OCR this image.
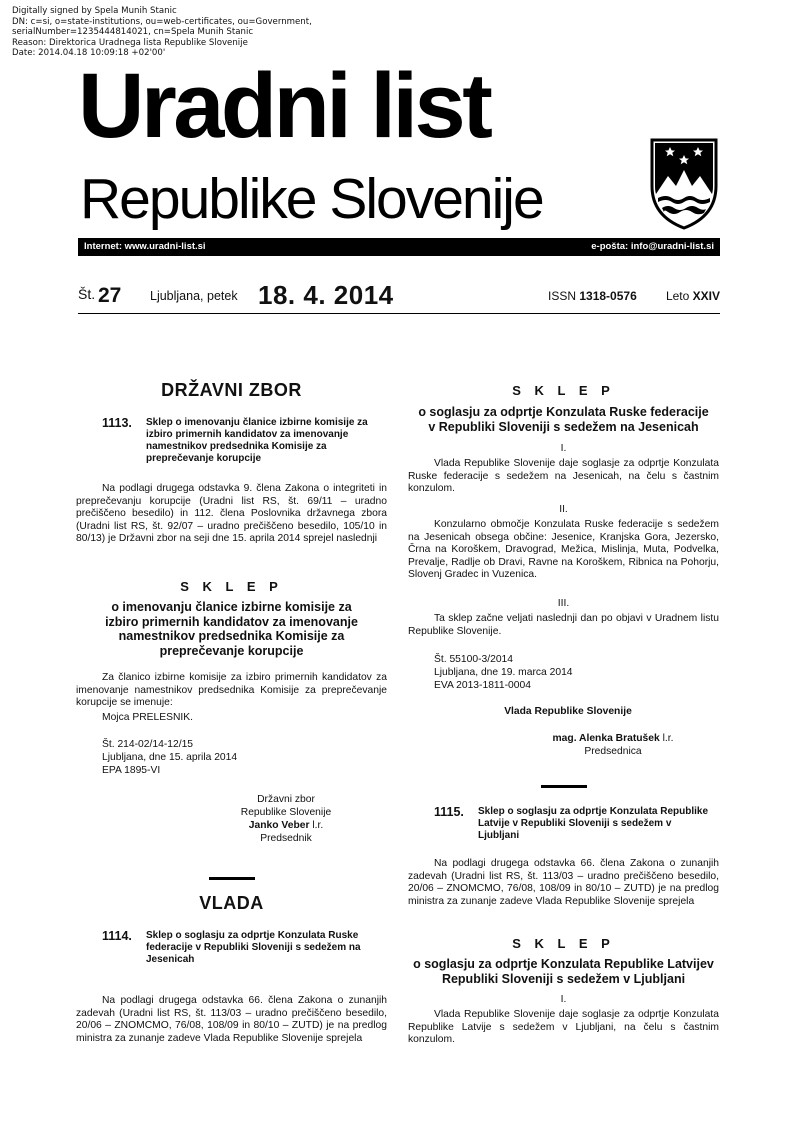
Digitally signed by Spela Munih Stanic
DN: c=si, o=state-institutions, ou=web-certificates, ou=Government,
serialNumber=1235444814021, cn=Spela Munih Stanic
Reason: Direktorica Uradnega lista Republike Slovenije
Date: 2014.04.18 10:09:18 +02'00'
Uradni list
Republike Slovenije
Internet: www.uradni-list.si	e-pošta: info@uradni-list.si
Št. 27 Ljubljana, petek 18. 4. 2014	ISSN 1318-0576 Leto XXIV
DRŽAVNI ZBOR
1113. Sklep o imenovanju članice izbirne komisije za izbiro primernih kandidatov za imenovanje namestnikov predsednika Komisije za preprečevanje korupcije
Na podlagi drugega odstavka 9. člena Zakona o integriteti in preprečevanju korupcije (Uradni list RS, št. 69/11 – uradno prečiščeno besedilo) in 112. člena Poslovnika državnega zbora (Uradni list RS, št. 92/07 – uradno prečiščeno besedilo, 105/10 in 80/13) je Državni zbor na seji dne 15. aprila 2014 sprejel naslednji
S K L E P
o imenovanju članice izbirne komisije za izbiro primernih kandidatov za imenovanje namestnikov predsednika Komisije za preprečevanje korupcije
Za članico izbirne komisije za izbiro primernih kandidatov za imenovanje namestnikov predsednika Komisije za preprečevanje korupcije se imenuje:
Mojca PRELESNIK.
Št. 214-02/14-12/15
Ljubljana, dne 15. aprila 2014
EPA 1895-VI
Državni zbor
Republike Slovenije
Janko Veber l.r.
Predsednik
VLADA
1114. Sklep o soglasju za odprtje Konzulata Ruske federacije v Republiki Sloveniji s sedežem na Jesenicah
Na podlagi drugega odstavka 66. člena Zakona o zunanjih zadevah (Uradni list RS, št. 113/03 – uradno prečiščeno besedilo, 20/06 – ZNOMCMO, 76/08, 108/09 in 80/10 – ZUTD) je na predlog ministra za zunanje zadeve Vlada Republike Slovenije sprejela
S K L E P
o soglasju za odprtje Konzulata Ruske federacije v Republiki Sloveniji s sedežem na Jesenicah
I.
Vlada Republike Slovenije daje soglasje za odprtje Konzulata Ruske federacije s sedežem na Jesenicah, na čelu s častnim konzulom.
II.
Konzularno območje Konzulata Ruske federacije s sedežem na Jesenicah obsega občine: Jesenice, Kranjska Gora, Jezersko, Črna na Koroškem, Dravograd, Mežica, Mislinja, Muta, Podvelka, Prevalje, Radlje ob Dravi, Ravne na Koroškem, Ribnica na Pohorju, Slovenj Gradec in Vuzenica.
III.
Ta sklep začne veljati naslednji dan po objavi v Uradnem listu Republike Slovenije.
Št. 55100-3/2014
Ljubljana, dne 19. marca 2014
EVA 2013-1811-0004
Vlada Republike Slovenije
mag. Alenka Bratušek l.r.
Predsednica
1115. Sklep o soglasju za odprtje Konzulata Republike Latvije v Republiki Sloveniji s sedežem v Ljubljani
Na podlagi drugega odstavka 66. člena Zakona o zunanjih zadevah (Uradni list RS, št. 113/03 – uradno prečiščeno besedilo, 20/06 – ZNOMCMO, 76/08, 108/09 in 80/10 – ZUTD) je na predlog ministra za zunanje zadeve Vlada Republike Slovenije sprejela
S K L E P
o soglasju za odprtje Konzulata Republike Latvijev Republiki Sloveniji s sedežem v Ljubljani
I.
Vlada Republike Slovenije daje soglasje za odprtje Konzulata Republike Latvije s sedežem v Ljubljani, na čelu s častnim konzulom.
